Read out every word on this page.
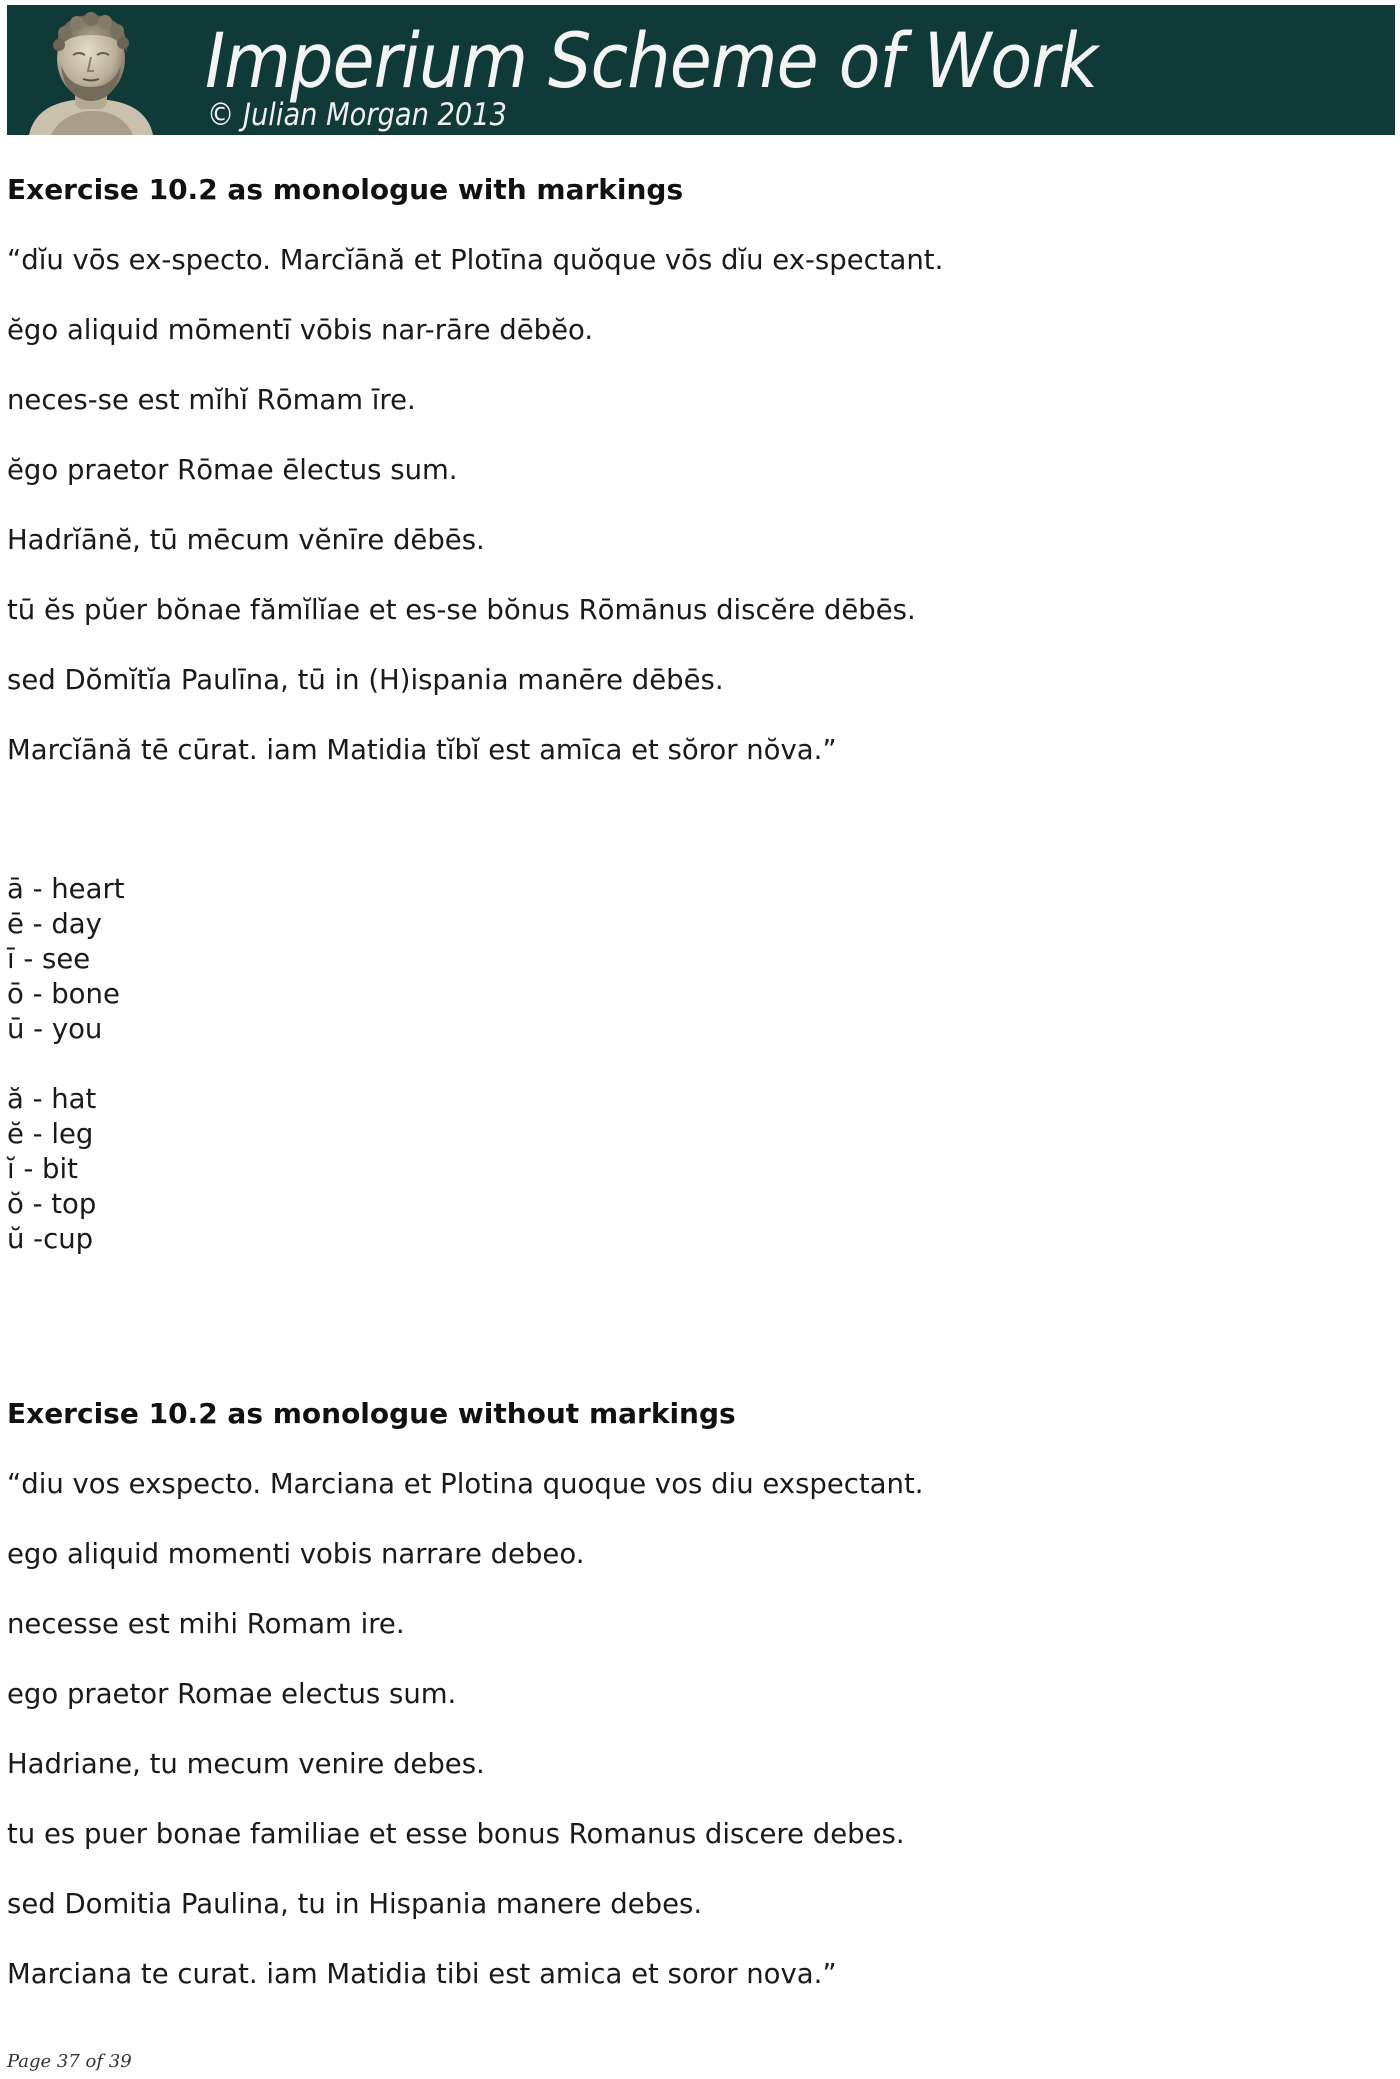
Imperium Scheme of Work
© Julian Morgan 2013
Exercise 10.2 as monologue with markings
“dĭu vōs ex-specto. Marcĭānă et Plotīna quŏque vōs dĭu ex-spectant.
ĕgo aliquid mōmentī vōbis nar-rāre dēbĕo.
neces-se est mĭhĭ Rōmam īre.
ĕgo praetor Rōmae ēlectus sum.
Hadrĭānĕ, tū mēcum vĕnīre dēbēs.
tū ĕs pŭer bŏnae fămĭlĭae et es-se bŏnus Rōmānus discĕre dēbēs.
sed Dŏmĭtĭa Paulīna, tū in (H)ispania manēre dēbēs.
Marcĭānă tē cūrat. iam Matidia tĭbĭ est amīca et sŏror nŏva.”
ā - heart
ē - day
ī - see
ō - bone
ū - you
ă - hat
ĕ - leg
ĭ - bit
ŏ - top
ŭ -cup
Exercise 10.2 as monologue without markings
“diu vos exspecto. Marciana et Plotina quoque vos diu exspectant.
ego aliquid momenti vobis narrare debeo.
necesse est mihi Romam ire.
ego praetor Romae electus sum.
Hadriane, tu mecum venire debes.
tu es puer bonae familiae et esse bonus Romanus discere debes.
sed Domitia Paulina, tu in Hispania manere debes.
Marciana te curat. iam Matidia tibi est amica et soror nova.”
Page 37 of 39
